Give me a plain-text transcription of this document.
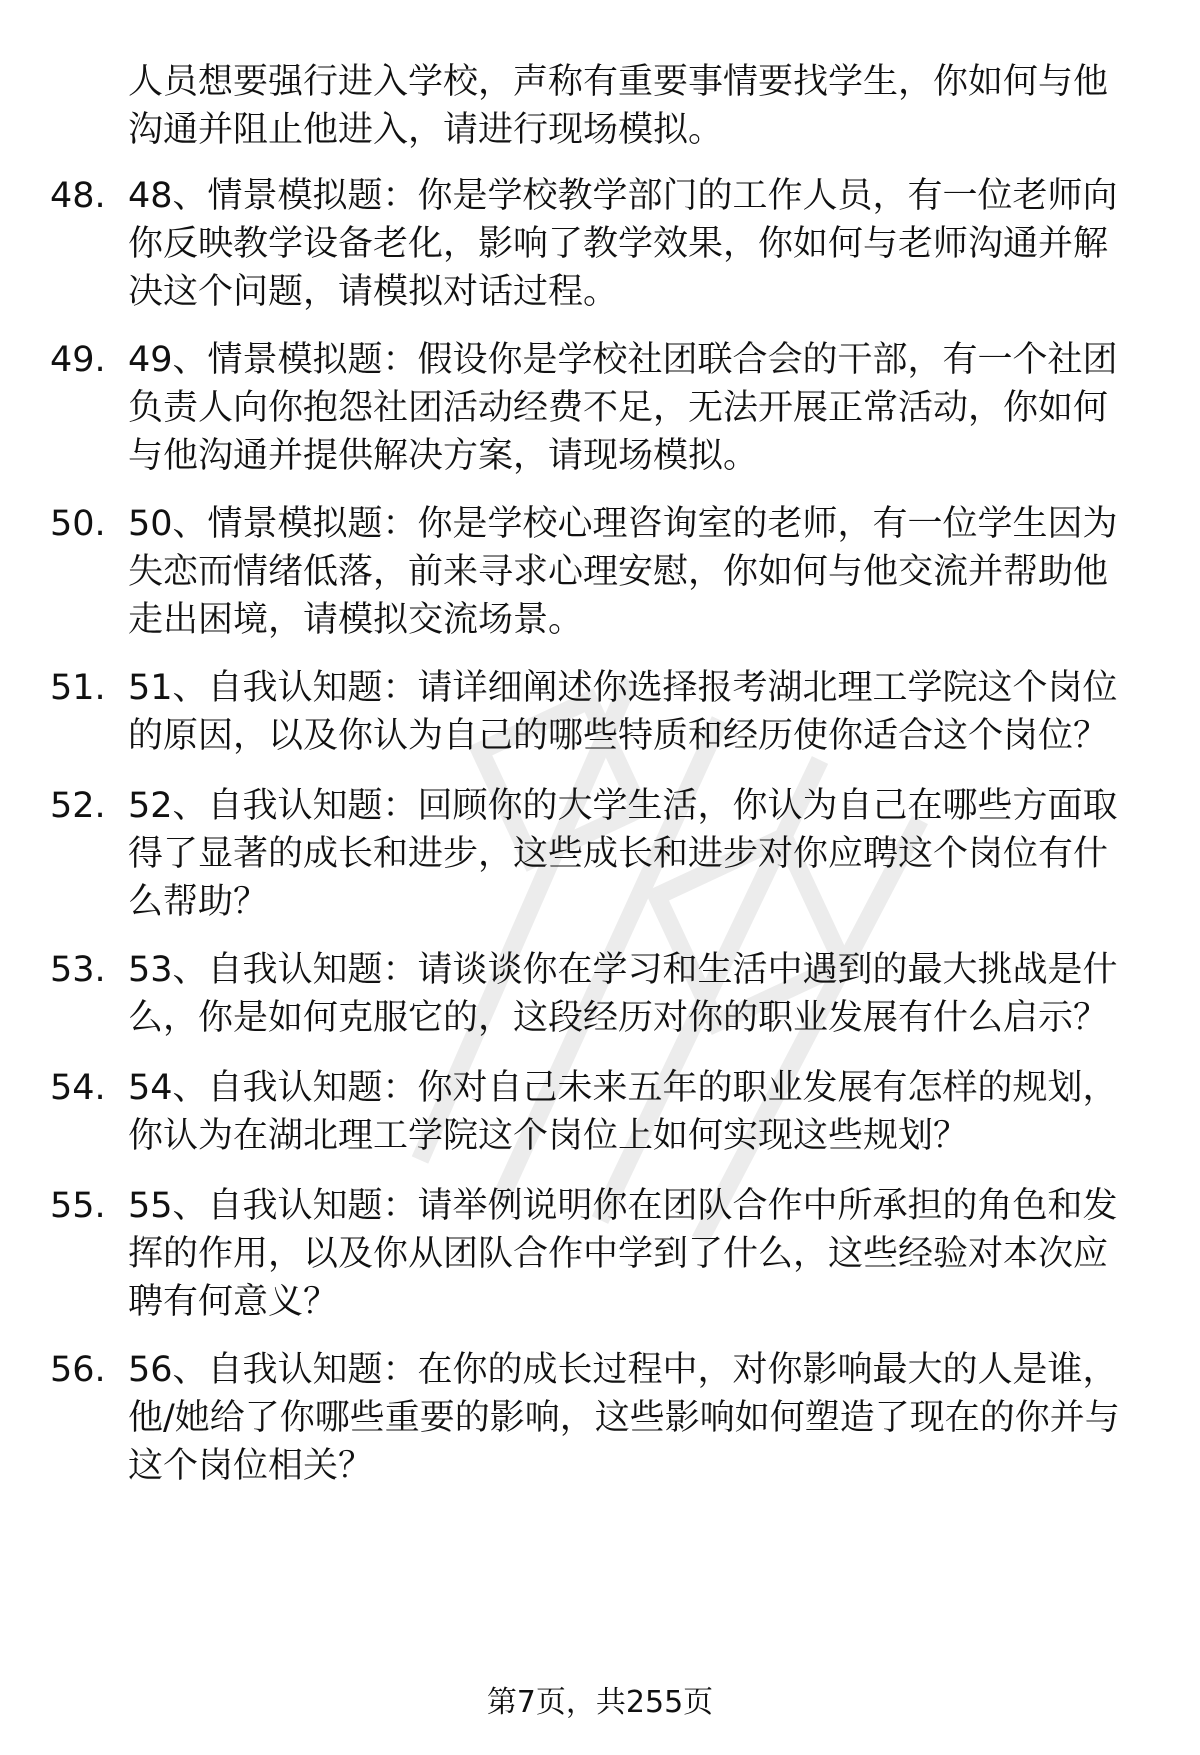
人员想要强行进入学校，声称有重要事情要找学生，你如何与他沟通并阻止他进入，请进行现场模拟。
48. 48、情景模拟题：你是学校教学部门的工作人员，有一位老师向你反映教学设备老化，影响了教学效果，你如何与老师沟通并解决这个问题，请模拟对话过程。
49. 49、情景模拟题：假设你是学校社团联合会的干部，有一个社团负责人向你抱怨社团活动经费不足，无法开展正常活动，你如何与他沟通并提供解决方案，请现场模拟。
50. 50、情景模拟题：你是学校心理咨询室的老师，有一位学生因为失恋而情绪低落，前来寻求心理安慰，你如何与他交流并帮助他走出困境，请模拟交流场景。
51. 51、自我认知题：请详细阐述你选择报考湖北理工学院这个岗位的原因，以及你认为自己的哪些特质和经历使你适合这个岗位？
52. 52、自我认知题：回顾你的大学生活，你认为自己在哪些方面取得了显著的成长和进步，这些成长和进步对你应聘这个岗位有什么帮助？
53. 53、自我认知题：请谈谈你在学习和生活中遇到的最大挑战是什么，你是如何克服它的，这段经历对你的职业发展有什么启示？
54. 54、自我认知题：你对自己未来五年的职业发展有怎样的规划，你认为在湖北理工学院这个岗位上如何实现这些规划？
55. 55、自我认知题：请举例说明你在团队合作中所承担的角色和发挥的作用，以及你从团队合作中学到了什么，这些经验对本次应聘有何意义？
56. 56、自我认知题：在你的成长过程中，对你影响最大的人是谁，他/她给了你哪些重要的影响，这些影响如何塑造了现在的你并与这个岗位相关？
第7页，共255页
